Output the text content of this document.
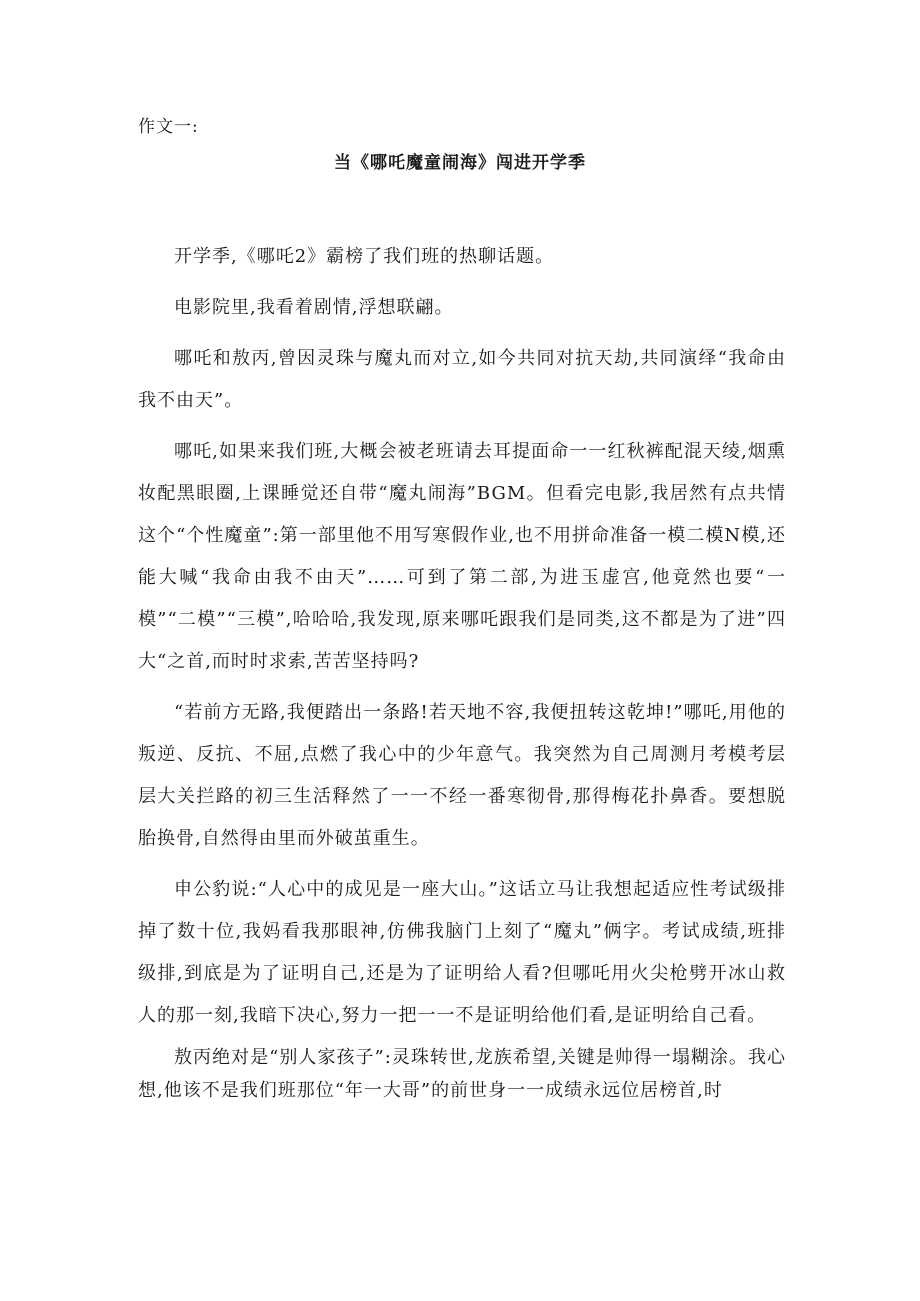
作文一:
当《哪吒魔童闹海》闯进开学季

开学季,《哪吒2》霸榜了我们班的热聊话题。

电影院里,我看着剧情,浮想联翩。

哪吒和敖丙,曾因灵珠与魔丸而对立,如今共同对抗天劫,共同演绎“我命由我不由天”。

哪吒,如果来我们班,大概会被老班请去耳提面命一一红秋裤配混天绫,烟熏妆配黑眼圈,上课睡觉还自带“魔丸闹海”BGM。但看完电影,我居然有点共情这个“个性魔童”:第一部里他不用写寒假作业,也不用拼命准备一模二模N模,还能大喊“我命由我不由天”……可到了第二部,为进玉虚宫,他竟然也要“一模”“二模”“三模”,哈哈哈,我发现,原来哪吒跟我们是同类,这不都是为了进”四大“之首,而时时求索,苦苦坚持吗?

“若前方无路,我便踏出一条路!若天地不容,我便扭转这乾坤!”哪吒,用他的叛逆、反抗、不屈,点燃了我心中的少年意气。我突然为自己周测月考模考层层大关拦路的初三生活释然了一一不经一番寒彻骨,那得梅花扑鼻香。要想脱胎换骨,自然得由里而外破茧重生。

申公豹说:“人心中的成见是一座大山。”这话立马让我想起适应性考试级排掉了数十位,我妈看我那眼神,仿佛我脑门上刻了“魔丸”俩字。考试成绩,班排级排,到底是为了证明自己,还是为了证明给人看?但哪吒用火尖枪劈开冰山救人的那一刻,我暗下决心,努力一把一一不是证明给他们看,是证明给自己看。

敖丙绝对是“别人家孩子”:灵珠转世,龙族希望,关键是帅得一塌糊涂。我心想,他该不是我们班那位“年一大哥”的前世身一一成绩永远位居榜首,时
